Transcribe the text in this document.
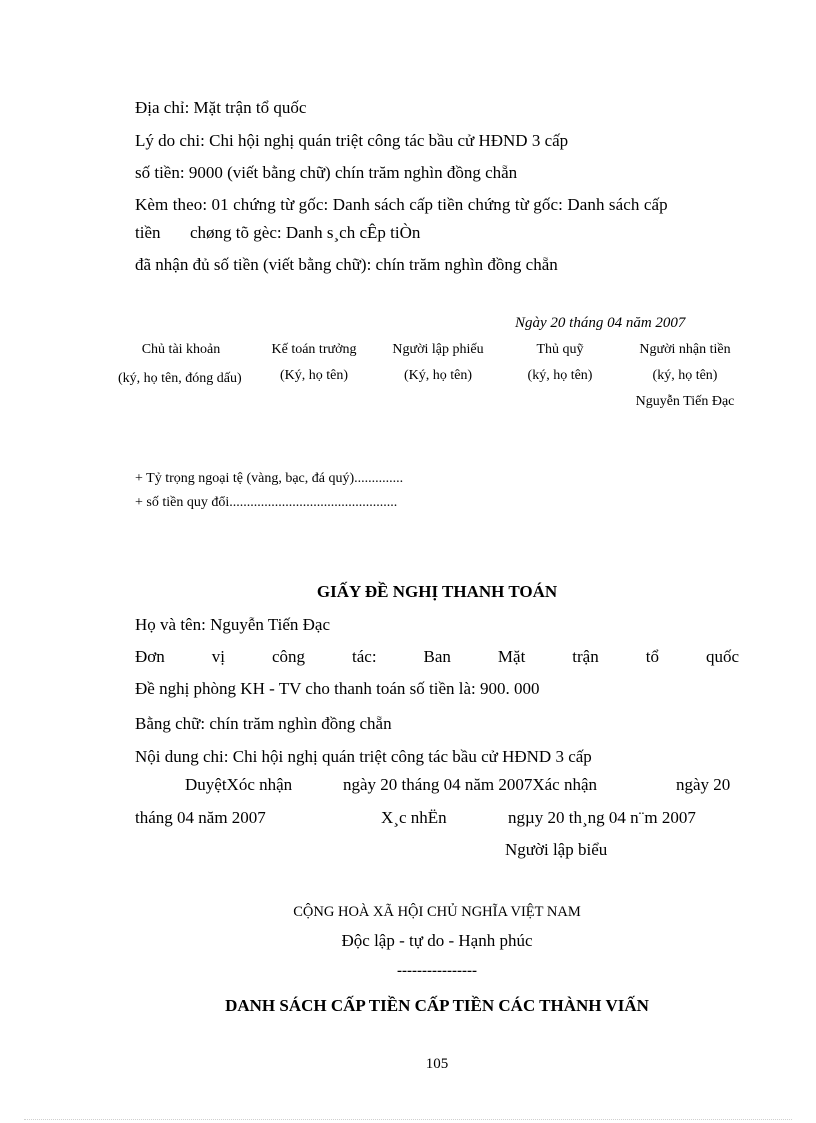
Địa chỉ: Mặt trận tổ quốc
Lý do chi: Chi hội nghị quán triệt công tác bầu cử HĐND 3 cấp
số tiền: 9000 (viết bằng chữ) chín trăm nghìn đồng chẵn
Kèm theo: 01 chứng từ gốc: Danh sách cấp tiền chứng từ gốc: Danh sách cấp
tiền chøng tõ gèc: Danh s¸ch cÊp tiÒn
đã nhận đủ số tiền (viết bằng chữ): chín trăm nghìn đồng chẵn
Ngày 20 tháng 04 năm 2007
Chủ tài khoản	Kế toán trưởng	Người lập phiếu	Thủ quỹ	Người nhận tiền
(ký, họ tên, đóng dấu)	(Ký, họ tên)	(Ký, họ tên)	(ký, họ tên)	(ký, họ tên)
Nguyễn Tiến Đạc
+ Tỷ trọng ngoại tệ (vàng, bạc, đá quý)..............
+ số tiền quy đổi................................................
GIẤY ĐỀ NGHỊ THANH TOÁN
Họ và tên: Nguyễn Tiến Đạc
Đơn	vị	công	tác:	Ban	Mặt	trận	tổ	quốc
Đề nghị phòng KH - TV cho thanh toán số tiền là: 900. 000
Bằng chữ: chín trăm nghìn đồng chẵn
Nội dung chi: Chi hội nghị quán triệt công tác bầu cử HĐND 3 cấp
DuyệtXóc nhận	ngày 20 tháng 04 năm 2007Xác nhận	ngày 20
tháng 04 năm 2007	X¸c nhËn	ngµy 20 th¸ng 04 n¨m 2007
Người lập biểu
CỘNG HOÀ XÃ HỘI CHỦ NGHĨA VIỆT NAM
Độc lập - tự do - Hạnh phúc
----------------
DANH SÁCH CẤP TIỀN CẤP TIỀN CÁC THÀNH VIẤN
105
